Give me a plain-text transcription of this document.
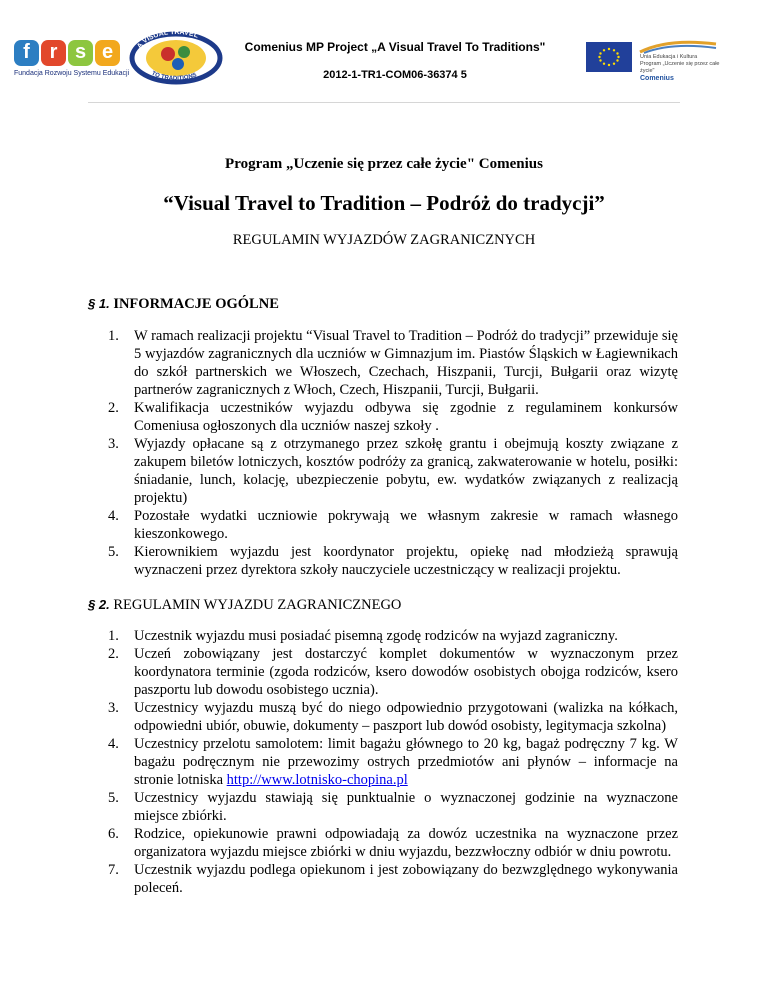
f r s e
Fundacja Rozwoju Systemu Edukacji
A VISUAL TRAVEL
TO TRADITIONS
Comenius MP Project „A Visual Travel To Traditions"
2012-1-TR1-COM06-36374 5
Unia Edukacja i Kultura
Program „Uczenie się przez całe życie"
Comenius
Program „Uczenie się przez całe życie" Comenius
“Visual Travel to Tradition – Podróż do tradycji”
REGULAMIN WYJAZDÓW ZAGRANICZNYCH
§ 1. INFORMACJE OGÓLNE
1.	W ramach realizacji projektu “Visual Travel to Tradition – Podróż do tradycji” przewiduje się 5 wyjazdów zagranicznych dla uczniów w Gimnazjum im. Piastów Śląskich w Łagiewnikach do szkół partnerskich we Włoszech, Czechach, Hiszpanii, Turcji, Bułgarii oraz wizytę partnerów zagranicznych z Włoch, Czech, Hiszpanii, Turcji, Bułgarii.
2.	Kwalifikacja uczestników wyjazdu odbywa się zgodnie z regulaminem konkursów Comeniusa ogłoszonych dla uczniów naszej szkoły .
3.	Wyjazdy opłacane są z otrzymanego przez szkołę grantu i obejmują koszty związane z zakupem biletów lotniczych, kosztów podróży za granicą, zakwaterowanie w hotelu, posiłki: śniadanie, lunch, kolację, ubezpieczenie pobytu, ew. wydatków związanych z realizacją projektu)
4.	Pozostałe wydatki uczniowie pokrywają we własnym zakresie w ramach własnego kieszonkowego.
5.	Kierownikiem wyjazdu jest koordynator projektu, opiekę nad młodzieżą sprawują wyznaczeni przez dyrektora szkoły nauczyciele uczestniczący w realizacji projektu.
§ 2. REGULAMIN WYJAZDU ZAGRANICZNEGO
1.	Uczestnik wyjazdu musi posiadać pisemną zgodę rodziców na wyjazd zagraniczny.
2.	Uczeń zobowiązany jest dostarczyć komplet dokumentów w wyznaczonym przez koordynatora terminie (zgoda rodziców, ksero dowodów osobistych obojga rodziców, ksero paszportu lub dowodu osobistego ucznia).
3.	Uczestnicy wyjazdu muszą być do niego odpowiednio przygotowani (walizka na kółkach, odpowiedni ubiór, obuwie, dokumenty – paszport lub dowód osobisty, legitymacja szkolna)
4.	Uczestnicy przelotu samolotem: limit bagażu głównego to 20 kg, bagaż podręczny 7 kg. W bagażu podręcznym nie przewozimy ostrych przedmiotów ani płynów – informacje na stronie lotniska http://www.lotnisko-chopina.pl
5.	Uczestnicy wyjazdu stawiają się punktualnie o wyznaczonej godzinie na wyznaczone miejsce zbiórki.
6.	Rodzice, opiekunowie prawni odpowiadają za dowóz uczestnika na wyznaczone przez organizatora wyjazdu miejsce zbiórki w dniu wyjazdu, bezzwłoczny odbiór w dniu powrotu.
7.	Uczestnik wyjazdu podlega opiekunom i jest zobowiązany do bezwzględnego wykonywania poleceń.
